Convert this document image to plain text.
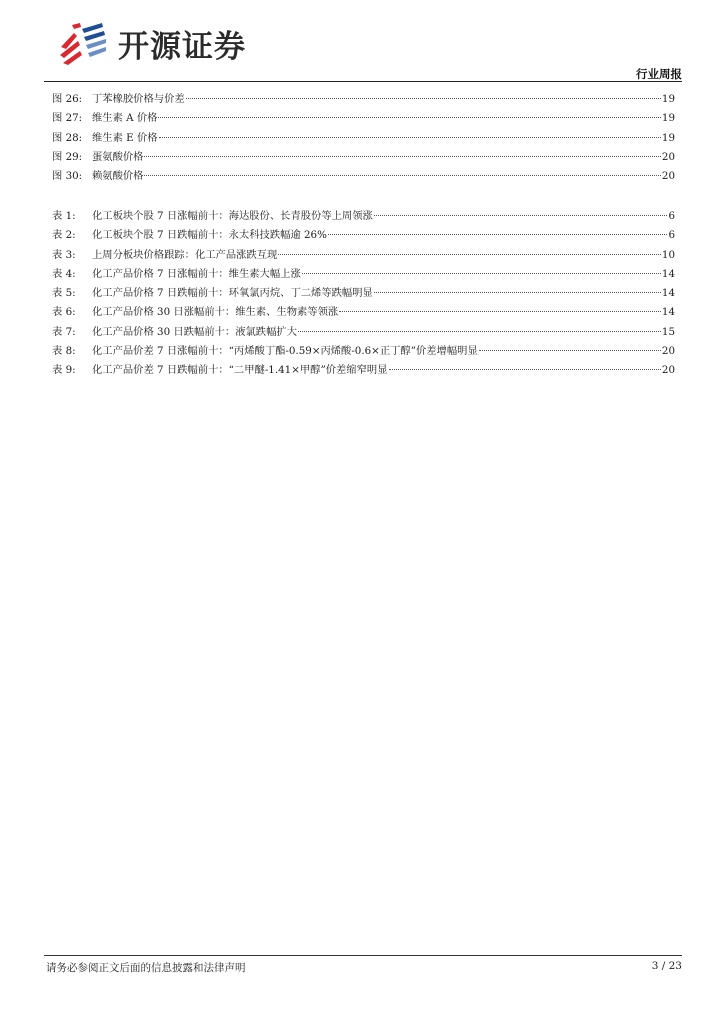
开源证券
行业周报
图 26: 丁苯橡胶价格与价差	19
图 27: 维生素 A 价格	19
图 28: 维生素 E 价格	19
图 29: 蛋氨酸价格	20
图 30: 赖氨酸价格	20
表 1:	化工板块个股 7 日涨幅前十：海达股份、长青股份等上周领涨	6
表 2:	化工板块个股 7 日跌幅前十：永太科技跌幅逾 26%	6
表 3:	上周分板块价格跟踪：化工产品涨跌互现	10
表 4:	化工产品价格 7 日涨幅前十：维生素大幅上涨	14
表 5:	化工产品价格 7 日跌幅前十：环氧氯丙烷、丁二烯等跌幅明显	14
表 6:	化工产品价格 30 日涨幅前十：维生素、生物素等领涨	14
表 7:	化工产品价格 30 日跌幅前十：液氯跌幅扩大	15
表 8:	化工产品价差 7 日涨幅前十：“丙烯酸丁酯-0.59×丙烯酸-0.6×正丁醇”价差增幅明显	20
表 9:	化工产品价差 7 日跌幅前十：“二甲醚-1.41×甲醇”价差缩窄明显	20
请务必参阅正文后面的信息披露和法律声明	3 / 23
